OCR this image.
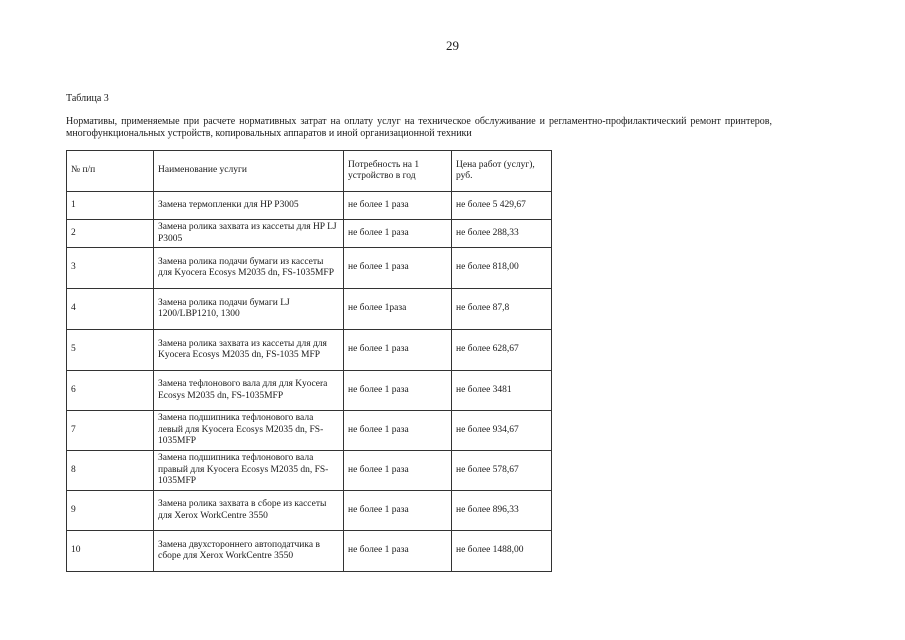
29
Таблица 3
Нормативы, применяемые при расчете нормативных затрат на оплату услуг на техническое обслуживание и регламентно-профилактический ремонт принтеров, многофункциональных устройств, копировальных аппаратов и иной организационной техники
№ п/п	Наименование услуги	Потребность на 1 устройство в год	Цена работ (услуг), руб.
1	Замена термопленки для HP P3005	не более 1 раза	не более 5 429,67
2	Замена ролика захвата из кассеты для HP LJ P3005	не более 1 раза	не более 288,33
3	Замена ролика подачи бумаги из кассеты для Kyocera Ecosys M2035 dn, FS-1035MFP	не более 1 раза	не более 818,00
4	Замена ролика подачи бумаги LJ 1200/LBP1210, 1300	не более 1раза	не более 87,8
5	Замена ролика захвата из кассеты для для Kyocera Ecosys M2035 dn, FS-1035 MFP	не более 1 раза	не более 628,67
6	Замена тефлонового вала для для Kyocera Ecosys M2035 dn, FS-1035MFP	не более 1 раза	не более 3481
7	Замена подшипника тефлонового вала левый для Kyocera Ecosys M2035 dn, FS-1035MFP	не более 1 раза	не более 934,67
8	Замена подшипника тефлонового вала правый для Kyocera Ecosys M2035 dn, FS-1035MFP	не более 1 раза	не более 578,67
9	Замена ролика захвата в сборе из кассеты для Xerox WorkCentre 3550	не более 1 раза	не более 896,33
10	Замена двухстороннего автоподатчика в сборе для Xerox WorkCentre 3550	не более 1 раза	не более 1488,00
